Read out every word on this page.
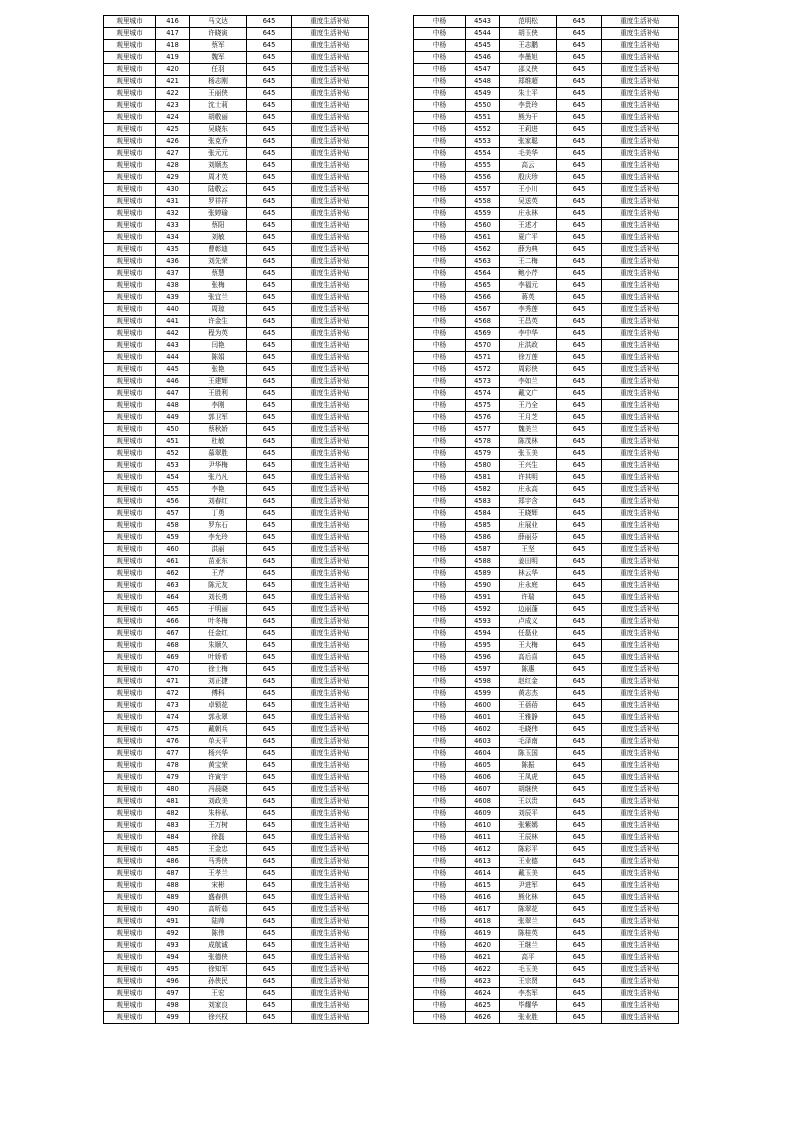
观里城市	416	马文达	645	重度生活补贴
观里城市	417	许晓寅	645	重度生活补贴
观里城市	418	蔡军	645	重度生活补贴
观里城市	419	魏军	645	重度生活补贴
观里城市	420	任羽	645	重度生活补贴
观里城市	421	杨志刚	645	重度生活补贴
观里城市	422	王丽侠	645	重度生活补贴
观里城市	423	沈士莉	645	重度生活补贴
观里城市	424	胡敬丽	645	重度生活补贴
观里城市	425	吴晓东	645	重度生活补贴
观里城市	426	张克乔	645	重度生活补贴
观里城市	427	张元元	645	重度生活补贴
观里城市	428	刘顺杰	645	重度生活补贴
观里城市	429	周才英	645	重度生活补贴
观里城市	430	陆敬云	645	重度生活补贴
观里城市	431	罗祥祥	645	重度生活补贴
观里城市	432	张婷瑜	645	重度生活补贴
观里城市	433	蔡阳	645	重度生活补贴
观里城市	434	刘敏	645	重度生活补贴
观里城市	435	曹彰迪	645	重度生活补贴
观里城市	436	刘先荣	645	重度生活补贴
观里城市	437	蔡慧	645	重度生活补贴
观里城市	438	张梅	645	重度生活补贴
观里城市	439	张宜兰	645	重度生活补贴
观里城市	440	周琼	645	重度生活补贴
观里城市	441	许金生	645	重度生活补贴
观里城市	442	程为英	645	重度生活补贴
观里城市	443	闫艳	645	重度生活补贴
观里城市	444	陈娟	645	重度生活补贴
观里城市	445	张艳	645	重度生活补贴
观里城市	446	王建辉	645	重度生活补贴
观里城市	447	王胜利	645	重度生活补贴
观里城市	448	李刚	645	重度生活补贴
观里城市	449	郭卫军	645	重度生活补贴
观里城市	450	蔡秋娇	645	重度生活补贴
观里城市	451	杜敏	645	重度生活补贴
观里城市	452	慕翠胜	645	重度生活补贴
观里城市	453	尹华梅	645	重度生活补贴
观里城市	454	张乃凡	645	重度生活补贴
观里城市	455	李艳	645	重度生活补贴
观里城市	456	刘春红	645	重度生活补贴
观里城市	457	丁勇	645	重度生活补贴
观里城市	458	罗东石	645	重度生活补贴
观里城市	459	李允玲	645	重度生活补贴
观里城市	460	洪丽	645	重度生活补贴
观里城市	461	苗亚东	645	重度生活补贴
观里城市	462	王芹	645	重度生活补贴
观里城市	463	陈元友	645	重度生活补贴
观里城市	464	刘长勇	645	重度生活补贴
观里城市	465	于明丽	645	重度生活补贴
观里城市	466	叶冬梅	645	重度生活补贴
观里城市	467	任金红	645	重度生活补贴
观里城市	468	朱顺久	645	重度生活补贴
观里城市	469	叶娇希	645	重度生活补贴
观里城市	470	徐士梅	645	重度生活补贴
观里城市	471	刘正捷	645	重度生活补贴
观里城市	472	傅科	645	重度生活补贴
观里城市	473	卓锁花	645	重度生活补贴
观里城市	474	郭永翠	645	重度生活补贴
观里城市	475	戴朝兵	645	重度生活补贴
观里城市	476	单天平	645	重度生活补贴
观里城市	477	杨兴华	645	重度生活补贴
观里城市	478	黄宝荣	645	重度生活补贴
观里城市	479	许寅宇	645	重度生活补贴
观里城市	480	冯晨晓	645	重度生活补贴
观里城市	481	刘政美	645	重度生活补贴
观里城市	482	朱梓私	645	重度生活补贴
观里城市	483	王万树	645	重度生活补贴
观里城市	484	徐磊	645	重度生活补贴
观里城市	485	王金忠	645	重度生活补贴
观里城市	486	马秀侠	645	重度生活补贴
观里城市	487	王孝兰	645	重度生活补贴
观里城市	488	宋彬	645	重度生活补贴
观里城市	489	盛春俱	645	重度生活补贴
观里城市	490	高昕茹	645	重度生活补贴
观里城市	491	陆帅	645	重度生活补贴
观里城市	492	陈伟	645	重度生活补贴
观里城市	493	成航诚	645	重度生活补贴
观里城市	494	张德侠	645	重度生活补贴
观里城市	495	徐知军	645	重度生活补贴
观里城市	496	孙侠民	645	重度生活补贴
观里城市	497	王宏	645	重度生活补贴
观里城市	498	刘家良	645	重度生活补贴
观里城市	499	徐兴权	645	重度生活补贴
中杨	4543	范明松	645	重度生活补贴
中杨	4544	胡玉侠	645	重度生活补贴
中杨	4545	王志鹏	645	重度生活补贴
中杨	4546	李墨旭	645	重度生活补贴
中杨	4547	邵义侠	645	重度生活补贴
中杨	4548	郑维超	645	重度生活补贴
中杨	4549	朱士平	645	重度生活补贴
中杨	4550	李贵玲	645	重度生活补贴
中杨	4551	熊为干	645	重度生活补贴
中杨	4552	王莉进	645	重度生活补贴
中杨	4553	张家聪	645	重度生活补贴
中杨	4554	毛美华	645	重度生活补贴
中杨	4555	高云	645	重度生活补贴
中杨	4556	殷庆珍	645	重度生活补贴
中杨	4557	王小川	645	重度生活补贴
中杨	4558	吴送英	645	重度生活补贴
中杨	4559	庄永林	645	重度生活补贴
中杨	4560	王述才	645	重度生活补贴
中杨	4561	夏广平	645	重度生活补贴
中杨	4562	薛为典	645	重度生活补贴
中杨	4563	王二梅	645	重度生活补贴
中杨	4564	鲍小芹	645	重度生活补贴
中杨	4565	李福元	645	重度生活补贴
中杨	4566	蒋英	645	重度生活补贴
中杨	4567	李秀莲	645	重度生活补贴
中杨	4568	王昌英	645	重度生活补贴
中杨	4569	李中华	645	重度生活补贴
中杨	4570	庄洪政	645	重度生活补贴
中杨	4571	徐万莲	645	重度生活补贴
中杨	4572	周彩侠	645	重度生活补贴
中杨	4573	李如兰	645	重度生活补贴
中杨	4574	戴文广	645	重度生活补贴
中杨	4575	王乃全	645	重度生活补贴
中杨	4576	王月芝	645	重度生活补贴
中杨	4577	魏美兰	645	重度生活补贴
中杨	4578	陈茂林	645	重度生活补贴
中杨	4579	张玉美	645	重度生活补贴
中杨	4580	王兴生	645	重度生活补贴
中杨	4581	许其明	645	重度生活补贴
中杨	4582	庄永高	645	重度生活补贴
中杨	4583	郑宇含	645	重度生活补贴
中杨	4584	王晓辉	645	重度生活补贴
中杨	4585	庄展业	645	重度生活补贴
中杨	4586	薛丽芬	645	重度生活补贴
中杨	4587	王坚	645	重度生活补贴
中杨	4588	姜田明	645	重度生活补贴
中杨	4589	林云华	645	重度生活补贴
中杨	4590	庄永庭	645	重度生活补贴
中杨	4591	许瑞	645	重度生活补贴
中杨	4592	边丽蓬	645	重度生活补贴
中杨	4593	卢成义	645	重度生活补贴
中杨	4594	任磊业	645	重度生活补贴
中杨	4595	王大梅	645	重度生活补贴
中杨	4596	高后喜	645	重度生活补贴
中杨	4597	陈惠	645	重度生活补贴
中杨	4598	赵红金	645	重度生活补贴
中杨	4599	黄志杰	645	重度生活补贴
中杨	4600	王蓓蓓	645	重度生活补贴
中杨	4601	王雅静	645	重度生活补贴
中杨	4602	毛晓伟	645	重度生活补贴
中杨	4603	毛泽南	645	重度生活补贴
中杨	4604	陈玉国	645	重度生活补贴
中杨	4605	陈振	645	重度生活补贴
中杨	4606	王凤虎	645	重度生活补贴
中杨	4607	胡继侠	645	重度生活补贴
中杨	4608	王以贵	645	重度生活补贴
中杨	4609	刘辰平	645	重度生活补贴
中杨	4610	张紫嫣	645	重度生活补贴
中杨	4611	王辰林	645	重度生活补贴
中杨	4612	陈彩平	645	重度生活补贴
中杨	4613	王业德	645	重度生活补贴
中杨	4614	戴玉美	645	重度生活补贴
中杨	4615	尹进军	645	重度生活补贴
中杨	4616	熊化林	645	重度生活补贴
中杨	4617	陈翠花	645	重度生活补贴
中杨	4618	张翠兰	645	重度生活补贴
中杨	4619	陈桂英	645	重度生活补贴
中杨	4620	王继兰	645	重度生活补贴
中杨	4621	高平	645	重度生活补贴
中杨	4622	毛玉美	645	重度生活补贴
中杨	4623	王宗贤	645	重度生活补贴
中杨	4624	李杰军	645	重度生活补贴
中杨	4625	毕耀华	645	重度生活补贴
中杨	4626	张业胜	645	重度生活补贴
